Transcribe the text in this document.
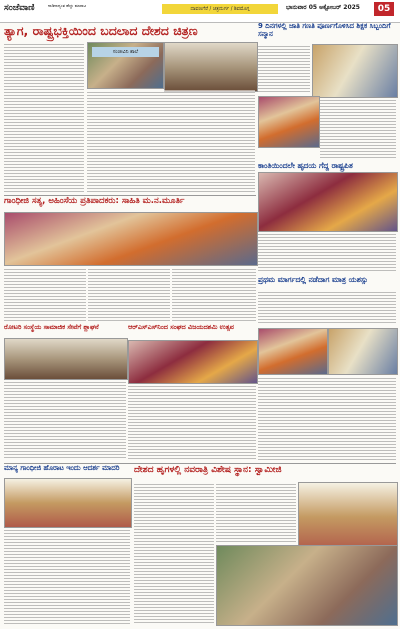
ಸಂಜೆವಾಣಿ	ನಾಡಿನಾದ್ಯಂತ ಹೆಚ್ಚು ಮಾರಾಟ
ದಾವಣಗೆರೆ / ಚಿತ್ರದುರ್ಗ / ಶಿವಮೊಗ್ಗ	ಭಾನುವಾರ 05 ಅಕ್ಟೋಬರ್ 2025	05
ತ್ಯಾಗ, ರಾಷ್ಟ್ರಭಕ್ತಿಯಿಂದ ಬದಲಾದ ದೇಶದ ಚಿತ್ರಣ
ಸಂಜೀವಿನಿ ಶಾಲೆ
9 ದಿನಗಳಲ್ಲಿ ಜಾತಿ ಗಣತಿ ಪೂರ್ಣಗೊಳಿಸಿದ ಶಿಕ್ಷಕ ಸಿಬ್ಬಂದಿಗೆ ಸನ್ಮಾನ
ಗಾಂಧೀಜಿ ಸತ್ಯ, ಅಹಿಂಸೆಯ ಪ್ರತಿಪಾದಕರು: ಸಾಹಿತಿ ಮ.ನ.ಮೂರ್ತಿ
ಕಾಂತಿಯಿಂದಲೇ ಹೃದಯ ಗೆದ್ದ ರಾಷ್ಟ್ರಪಿತ
ಪ್ರಥಮ ಮಾರ್ಗದಲ್ಲಿ ನಡೆದಾಗ ಮಾತ್ರ ಯಶಸ್ಸು
ರೋಟರಿ ಸಂಸ್ಥೆಯ ಸಾಮಾಜಿಕ ಸೇವೆಗೆ ಶ್ಲಾಘನೆ	ಆರ್‌ಎಸ್‌ಎಸ್‌ನಿಂದ ಸಂಘದ ವಿಜಯದಶಮಿ ಉತ್ಸವ
ಮಾನ್ಯ ಗಾಂಧೀಜಿ ಹೊರಾಟ ಇಂದು ಆದರ್ಶ ಮಾದರಿ	ದೇಶದ ಹೃಗಳಲ್ಲಿ ನವರಾತ್ರಿ ವಿಶೇಷ ಸ್ಥಾನ: ಸ್ವಾಮೀಜಿ
